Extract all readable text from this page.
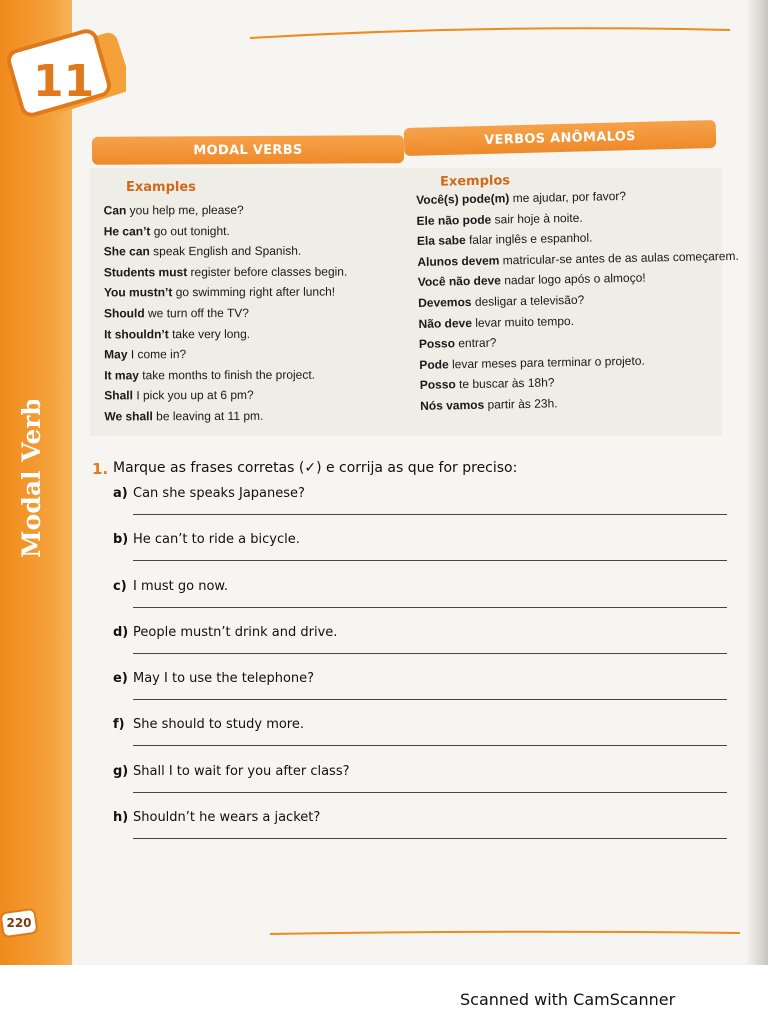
11
Modal Verbs
MODAL VERBS
VERBOS ANÔMALOS
Examples	Exemplos
Can you help me, please?
He can’t go out tonight.
She can speak English and Spanish.
Students must register before classes begin.
You mustn’t go swimming right after lunch!
Should we turn off the TV?
It shouldn’t take very long.
May I come in?
It may take months to finish the project.
Shall I pick you up at 6 pm?
We shall be leaving at 11 pm.
Você(s) pode(m) me ajudar, por favor?
Ele não pode sair hoje à noite.
Ela sabe falar inglês e espanhol.
Alunos devem matricular-se antes de as aulas começarem.
Você não deve nadar logo após o almoço!
Devemos desligar a televisão?
Não deve levar muito tempo.
Posso entrar?
Pode levar meses para terminar o projeto.
Posso te buscar às 18h?
Nós vamos partir às 23h.
1. Marque as frases corretas (✓) e corrija as que for preciso:
a) Can she speaks Japanese?
b) He can’t to ride a bicycle.
c) I must go now.
d) People mustn’t drink and drive.
e) May I to use the telephone?
f) She should to study more.
g) Shall I to wait for you after class?
h) Shouldn’t he wears a jacket?
220
Scanned with CamScanner
